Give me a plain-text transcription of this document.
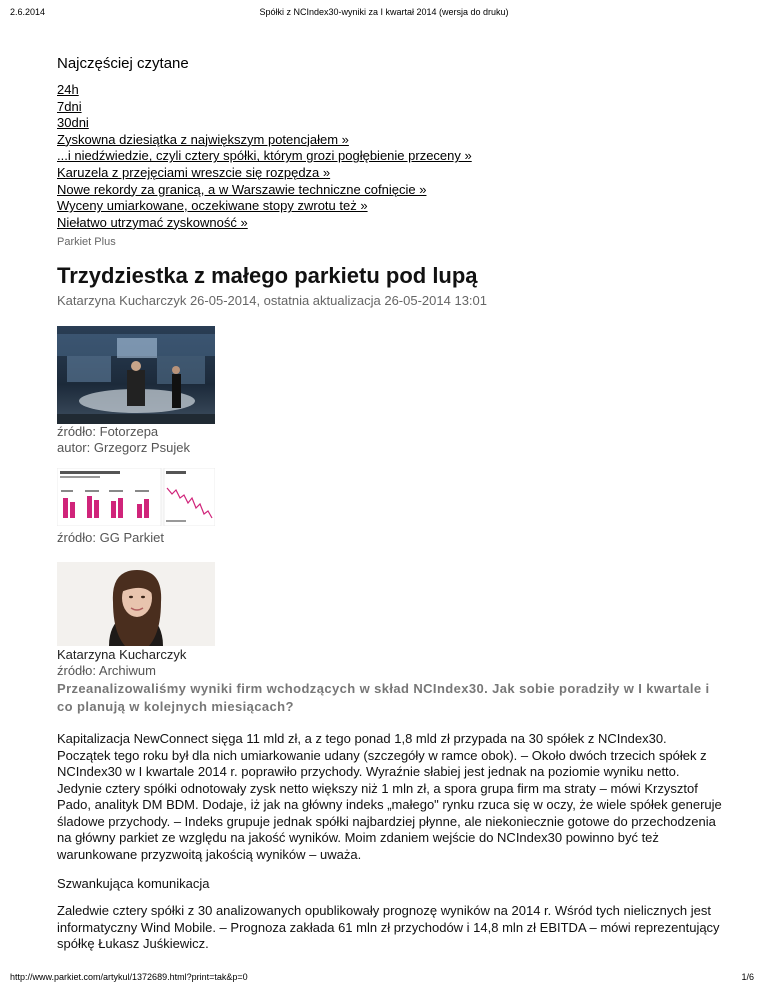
2.6.2014	Spółki z NCIndex30-wyniki za I kwartał 2014 (wersja do druku)
Najczęściej czytane
24h
7dni
30dni
Zyskowna dziesiątka z największym potencjałem »
...i niedźwiedzie, czyli cztery spółki, którym grozi pogłębienie przeceny »
Karuzela z przejęciami wreszcie się rozpędza »
Nowe rekordy za granicą, a w Warszawie techniczne cofnięcie »
Wyceny umiarkowane, oczekiwane stopy zwrotu też »
Niełatwo utrzymać zyskowność »
Parkiet Plus
Trzydziestka z małego parkietu pod lupą
Katarzyna Kucharczyk 26-05-2014, ostatnia aktualizacja 26-05-2014 13:01
źródło: Fotorzepa
autor: Grzegorz Psujek
źródło: GG Parkiet
Katarzyna Kucharczyk
źródło: Archiwum
Przeanalizowaliśmy wyniki firm wchodzących w skład NCIndex30. Jak sobie poradziły w I kwartale i co planują w kolejnych miesiącach?
Kapitalizacja NewConnect sięga 11 mld zł, a z tego ponad 1,8 mld zł przypada na 30 spółek z NCIndex30. Początek tego roku był dla nich umiarkowanie udany (szczegóły w ramce obok). – Około dwóch trzecich spółek z NCIndex30 w I kwartale 2014 r. poprawiło przychody. Wyraźnie słabiej jest jednak na poziomie wyniku netto. Jedynie cztery spółki odnotowały zysk netto większy niż 1 mln zł, a spora grupa firm ma straty – mówi Krzysztof Pado, analityk DM BDM. Dodaje, iż jak na główny indeks „małego" rynku rzuca się w oczy, że wiele spółek generuje śladowe przychody. – Indeks grupuje jednak spółki najbardziej płynne, ale niekoniecznie gotowe do przechodzenia na główny parkiet ze względu na jakość wyników. Moim zdaniem wejście do NCIndex30 powinno być też warunkowane przyzwoitą jakością wyników – uważa.
Szwankująca komunikacja
Zaledwie cztery spółki z 30 analizowanych opublikowały prognozę wyników na 2014 r. Wśród tych nielicznych jest informatyczny Wind Mobile. – Prognoza zakłada 61 mln zł przychodów i 14,8 mln zł EBITDA – mówi reprezentujący spółkę Łukasz Juśkiewicz.
http://www.parkiet.com/artykul/1372689.html?print=tak&p=0	1/6
